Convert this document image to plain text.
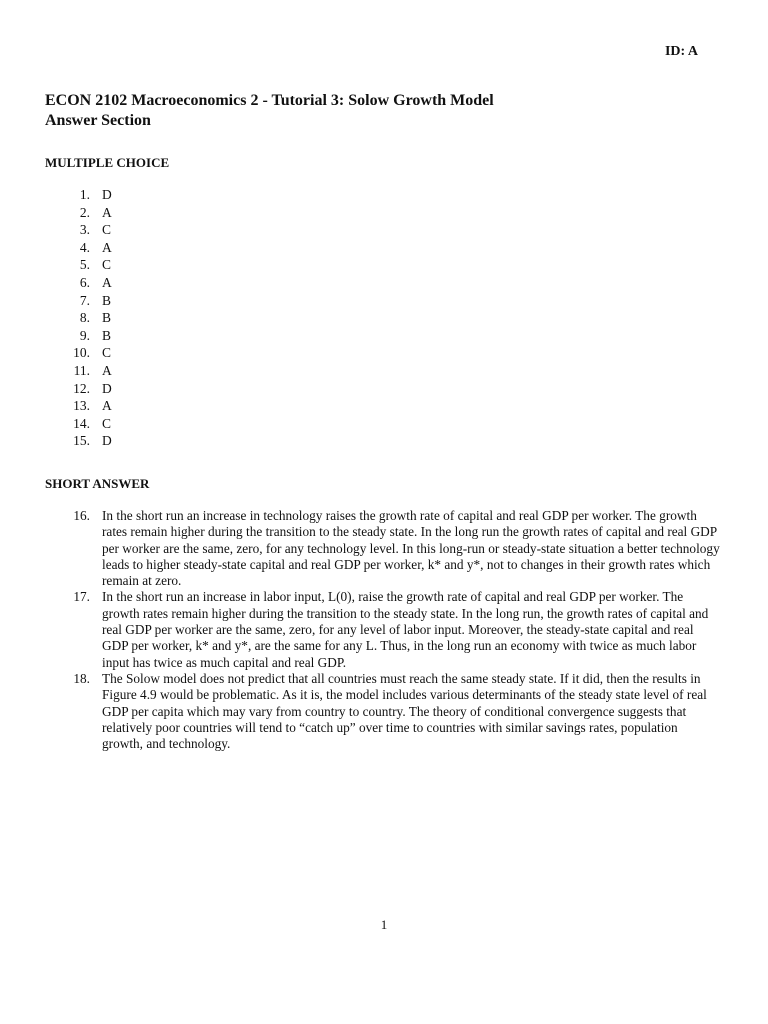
ID: A
ECON 2102 Macroeconomics 2 - Tutorial 3: Solow Growth Model
Answer Section
MULTIPLE CHOICE
1. D
2. A
3. C
4. A
5. C
6. A
7. B
8. B
9. B
10. C
11. A
12. D
13. A
14. C
15. D
SHORT ANSWER
16. In the short run an increase in technology raises the growth rate of capital and real GDP per worker. The growth rates remain higher during the transition to the steady state. In the long run the growth rates of capital and real GDP per worker are the same, zero, for any technology level. In this long-run or steady-state situation a better technology leads to higher steady-state capital and real GDP per worker, k* and y*, not to changes in their growth rates which remain at zero.
17. In the short run an increase in labor input, L(0), raise the growth rate of capital and real GDP per worker. The growth rates remain higher during the transition to the steady state. In the long run, the growth rates of capital and real GDP per worker are the same, zero, for any level of labor input. Moreover, the steady-state capital and real GDP per worker, k* and y*, are the same for any L. Thus, in the long run an economy with twice as much labor input has twice as much capital and real GDP.
18. The Solow model does not predict that all countries must reach the same steady state. If it did, then the results in Figure 4.9 would be problematic. As it is, the model includes various determinants of the steady state level of real GDP per capita which may vary from country to country. The theory of conditional convergence suggests that relatively poor countries will tend to “catch up” over time to countries with similar savings rates, population growth, and technology.
1
